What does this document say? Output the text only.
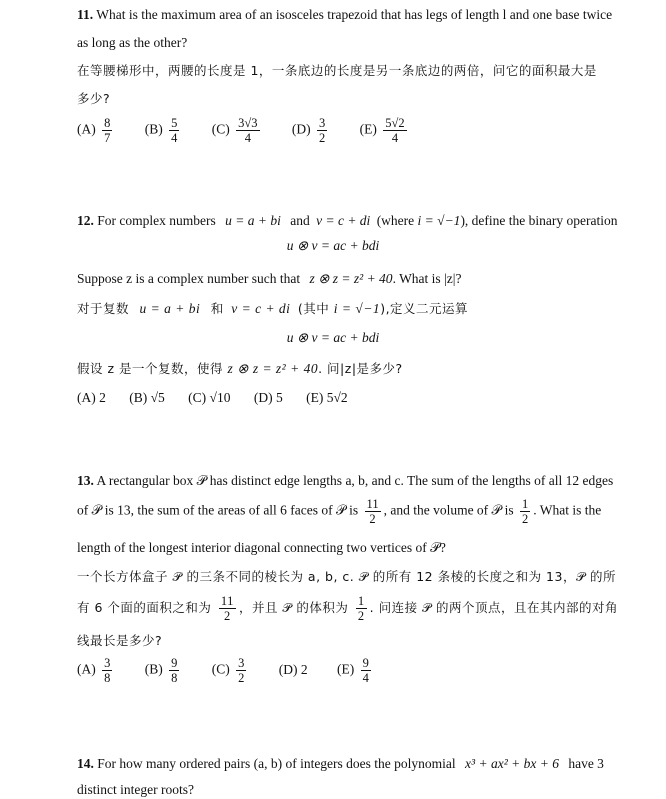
11. What is the maximum area of an isosceles trapezoid that has legs of length l and one base twice
as long as the other?
在等腰梯形中，两腰的长度是 1，一条底边的长度是另一条底边的两倍，问它的面积最大是
多少?
$(A) \frac{8}{7} (B) \frac{5}{4} (C) \frac{3√3}{4} (D) \frac{3}{2} (E) \frac{5√2}{4}$
12. For complex numbers u = a + bi and v = c + di (where i = √−1), define the binary operation
u ⊗ v = ac + bdi
Suppose z is a complex number such that z ⊗ z = z² + 40. What is |z|?
对于复数 u = a + bi 和 v = c + di (其中 i = √−1),定义二元运算
u ⊗ v = ac + bdi
假设 z 是一个复数，使得 z ⊗ z = z² + 40. 问|z|是多少?
(A) 2 (B) √5 (C) √10 (D) 5 (E) 5√2
13. A rectangular box 𝒫 has distinct edge lengths a, b, and c. The sum of the lengths of all 12 edges
of 𝒫 is 13, the sum of the areas of all 6 faces of 𝒫 is $\frac{11}{2}$ , and the volume of 𝒫 is $\frac{1}{2}$ . What is the
length of the longest interior diagonal connecting two vertices of 𝒫?
一个长方体盒子 𝒫 的三条不同的棱长为 a, b, c. 𝒫 的所有 12 条棱的长度之和为 13，𝒫 的所
有 6 个面的面积之和为 $\frac{11}{2}$ ，并且 𝒫 的体积为 $\frac{1}{2}$ . 问连接 𝒫 的两个顶点，且在其内部的对角
线最长是多少?
$(A) \frac{3}{8} (B) \frac{9}{8} (C) \frac{3}{2} (D)$ 2 $(E) \frac{9}{4}$
14. For how many ordered pairs (a, b) of integers does the polynomial x³ + ax² + bx + 6 have 3
distinct integer roots?
